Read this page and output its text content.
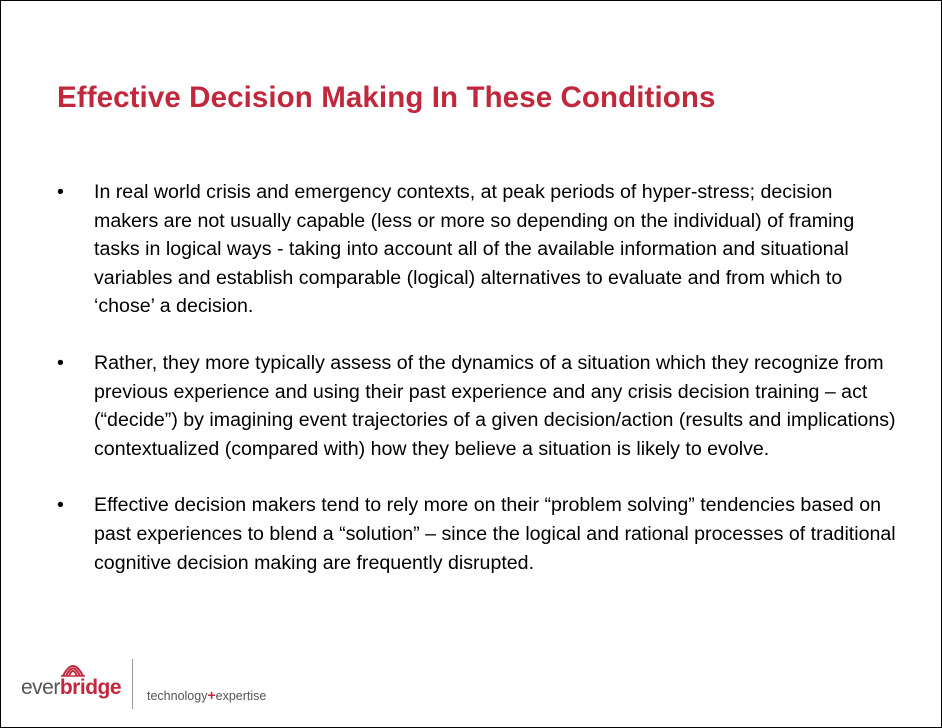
Effective Decision Making In These Conditions
•	In real world crisis and emergency contexts, at peak periods of hyper-stress; decision makers are not usually capable (less or more so depending on the individual) of framing tasks in logical ways - taking into account all of the available information and situational variables and establish comparable (logical) alternatives to evaluate and from which to ‘chose’ a decision.
•	Rather, they more typically assess of the dynamics of a situation which they recognize from previous experience and using their past experience and any crisis decision training – act (“decide”) by imagining event trajectories of a given decision/action (results and implications) contextualized (compared with) how they believe a situation is likely to evolve.
•	Effective decision makers tend to rely more on their “problem solving” tendencies based on past experiences to blend a “solution” – since the logical and rational processes of traditional cognitive decision making are frequently disrupted.
everbridge technology+expertise
